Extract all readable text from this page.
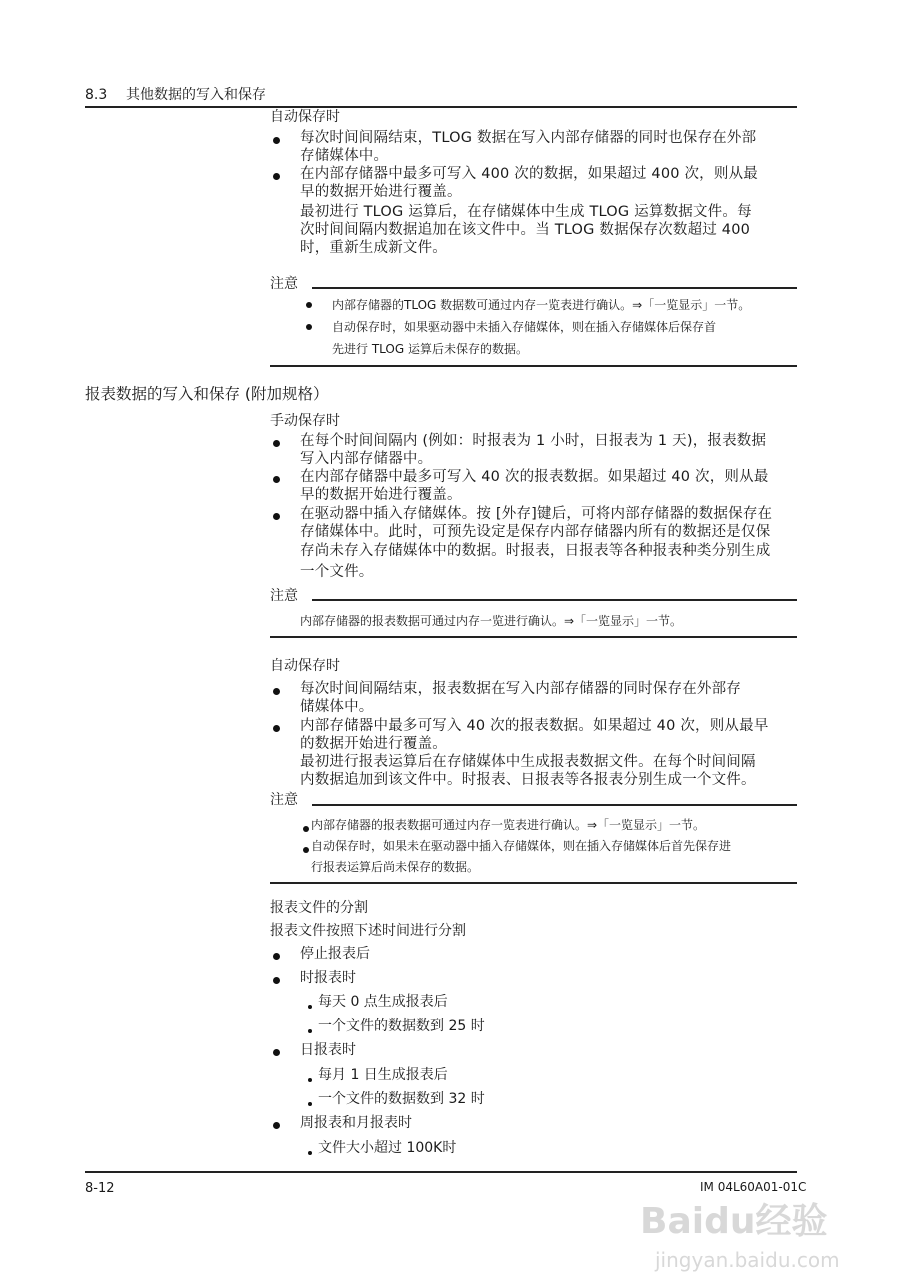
8.3 其他数据的写入和保存
自动保存时
每次时间间隔结束，TLOG 数据在写入内部存储器的同时也保存在外部
存储媒体中。
在内部存储器中最多可写入 400 次的数据，如果超过 400 次，则从最
早的数据开始进行覆盖。
最初进行 TLOG 运算后，在存储媒体中生成 TLOG 运算数据文件。每
次时间间隔内数据追加在该文件中。当 TLOG 数据保存次数超过 400
时，重新生成新文件。
注意
内部存储器的TLOG 数据数可通过内存一览表进行确认。⇒「一览显示」一节。
自动保存时，如果驱动器中未插入存储媒体，则在插入存储媒体后保存首
先进行 TLOG 运算后未保存的数据。
报表数据的写入和保存 (附加规格）
手动保存时
在每个时间间隔内 (例如：时报表为 1 小时，日报表为 1 天)，报表数据
写入内部存储器中。
在内部存储器中最多可写入 40 次的报表数据。如果超过 40 次，则从最
早的数据开始进行覆盖。
在驱动器中插入存储媒体。按 [外存]键后，可将内部存储器的数据保存在
存储媒体中。此时，可预先设定是保存内部存储器内所有的数据还是仅保
存尚未存入存储媒体中的数据。时报表，日报表等各种报表种类分别生成
一个文件。
注意
内部存储器的报表数据可通过内存一览进行确认。⇒「一览显示」一节。
自动保存时
每次时间间隔结束，报表数据在写入内部存储器的同时保存在外部存
储媒体中。
内部存储器中最多可写入 40 次的报表数据。如果超过 40 次，则从最早
的数据开始进行覆盖。
最初进行报表运算后在存储媒体中生成报表数据文件。在每个时间间隔
内数据追加到该文件中。时报表、日报表等各报表分别生成一个文件。
注意
内部存储器的报表数据可通过内存一览表进行确认。⇒「一览显示」一节。
自动保存时，如果未在驱动器中插入存储媒体，则在插入存储媒体后首先保存进
行报表运算后尚未保存的数据。
报表文件的分割
报表文件按照下述时间进行分割
停止报表后
时报表时
每天 0 点生成报表后
一个文件的数据数到 25 时
日报表时
每月 1 日生成报表后
一个文件的数据数到 32 时
周报表和月报表时
文件大小超过 100K时
8-12	IM 04L60A01-01C
Baidu经验
jingyan.baidu.com
